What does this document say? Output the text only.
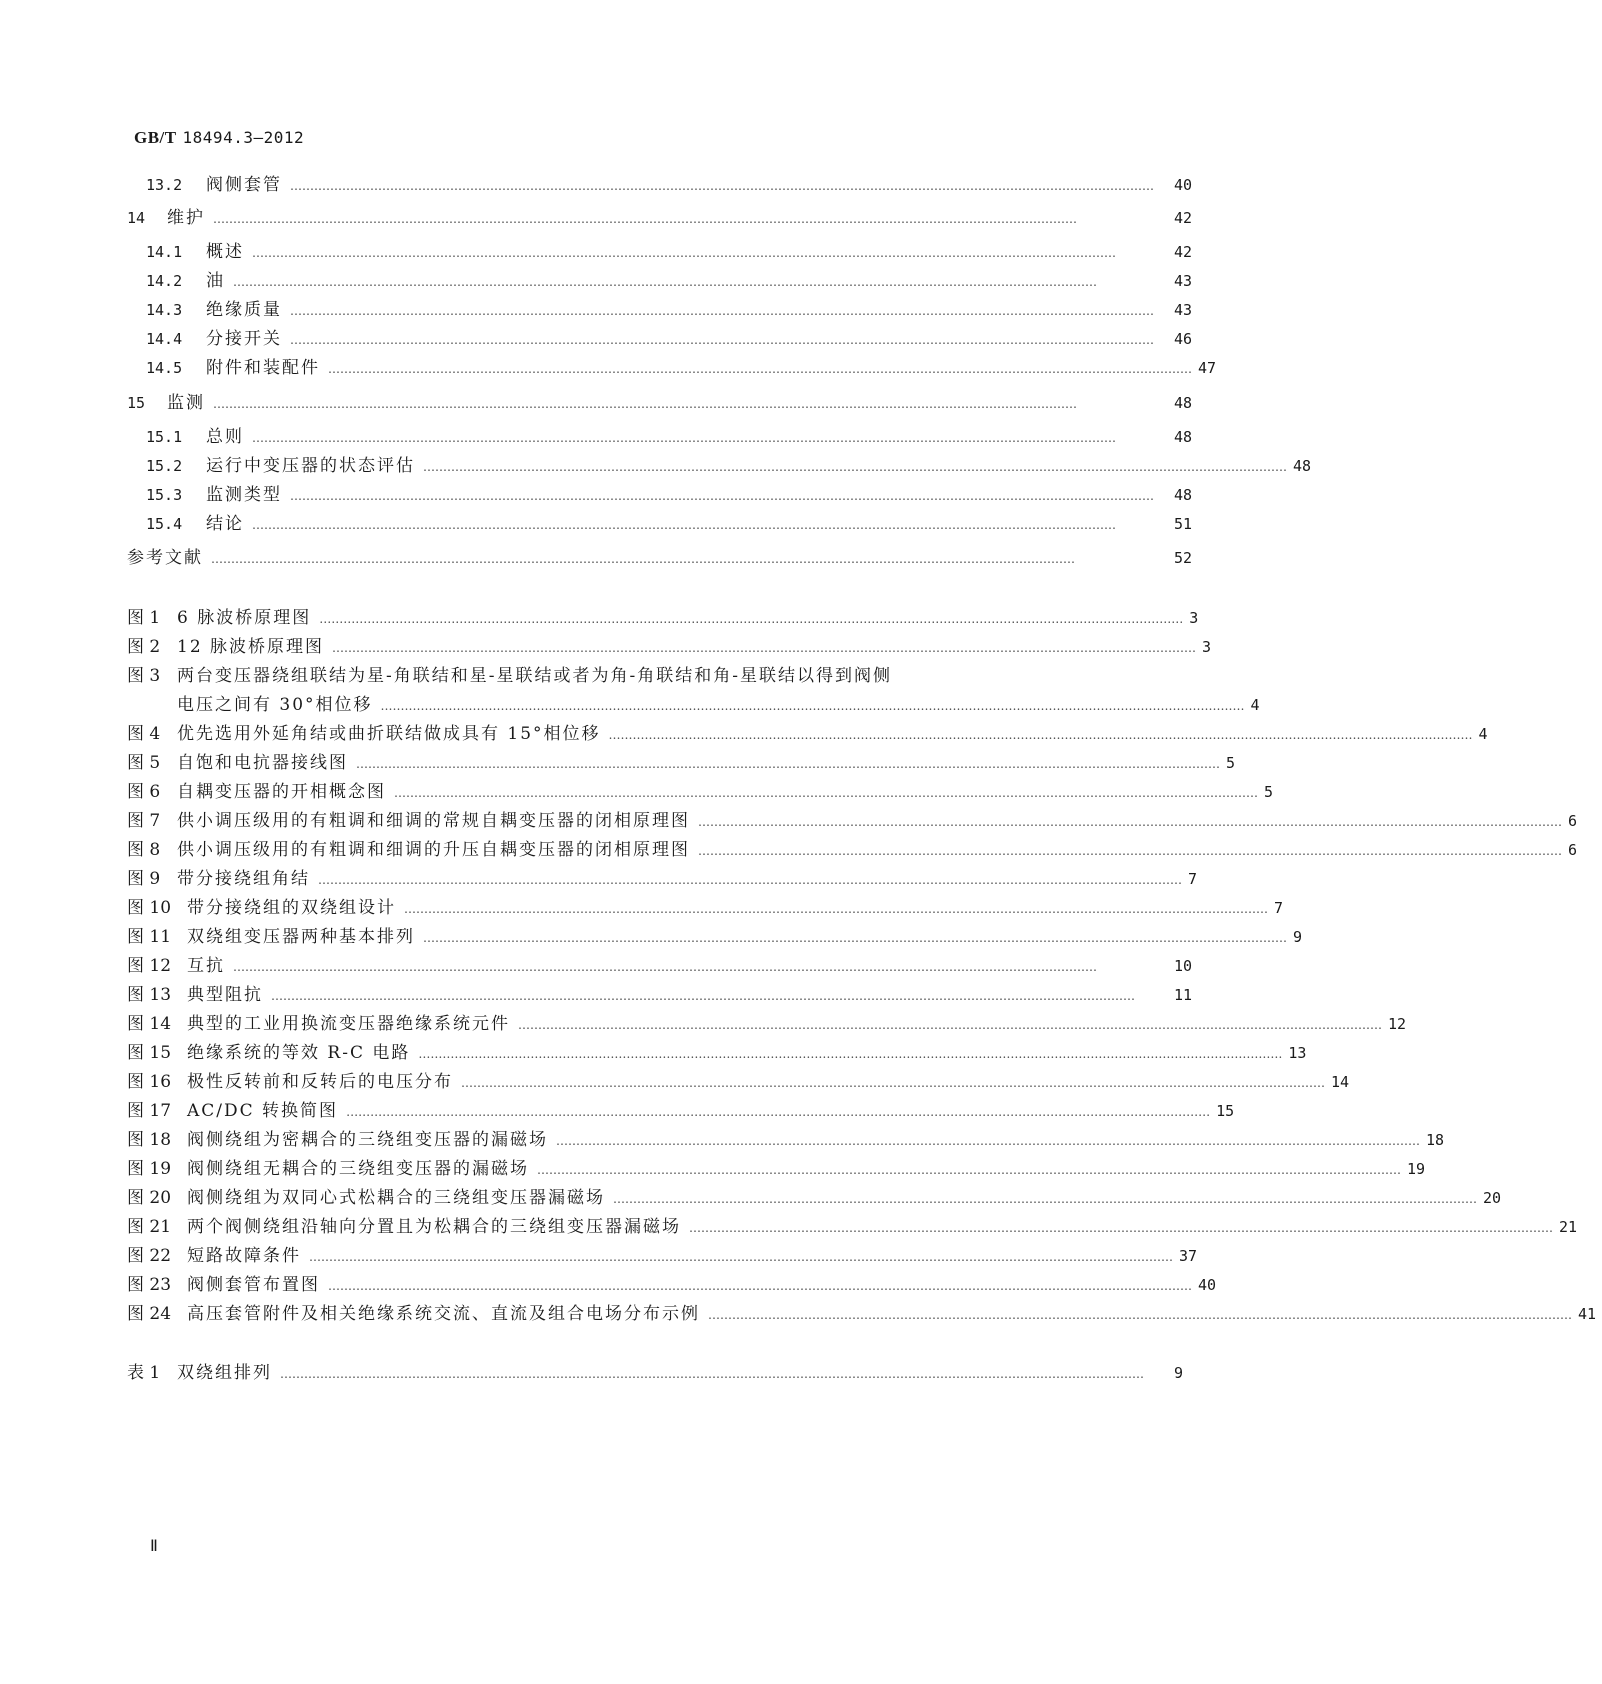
GB/T 18494.3—2012
13.2	阀侧套管 ………………………………………………………………………………………………………………………………………………………………………………………………	40
14	维护 ………………………………………………………………………………………………………………………………………………………………………………………………	42
14.1	概述 ………………………………………………………………………………………………………………………………………………………………………………………………	42
14.2	油 ………………………………………………………………………………………………………………………………………………………………………………………………	43
14.3	绝缘质量 ………………………………………………………………………………………………………………………………………………………………………………………………	43
14.4	分接开关 ………………………………………………………………………………………………………………………………………………………………………………………………	46
14.5	附件和装配件 ……………………………………………………………………………………………………………………………………………………………………………………………… 47
15	监测 ………………………………………………………………………………………………………………………………………………………………………………………………	48
15.1	总则 ………………………………………………………………………………………………………………………………………………………………………………………………	48
15.2	运行中变压器的状态评估 ……………………………………………………………………………………………………………………………………………………………………………………………… 48
15.3	监测类型 ………………………………………………………………………………………………………………………………………………………………………………………………	48
15.4	结论 ………………………………………………………………………………………………………………………………………………………………………………………………	51
参考文献 ………………………………………………………………………………………………………………………………………………………………………………………………	52
图 1 6 脉波桥原理图 ……………………………………………………………………………………………………………………………………………………………………………………………… 3
图 2 12 脉波桥原理图 ……………………………………………………………………………………………………………………………………………………………………………………………… 3
图 3 两台变压器绕组联结为星-角联结和星-星联结或者为角-角联结和角-星联结以得到阀侧
电压之间有 30°相位移 ……………………………………………………………………………………………………………………………………………………………………………………………… 4
图 4 优先选用外延角结或曲折联结做成具有 15°相位移 ……………………………………………………………………………………………………………………………………………………………………………………………… 4
图 5 自饱和电抗器接线图 ……………………………………………………………………………………………………………………………………………………………………………………………… 5
图 6 自耦变压器的开相概念图 ……………………………………………………………………………………………………………………………………………………………………………………………… 5
图 7 供小调压级用的有粗调和细调的常规自耦变压器的闭相原理图 ……………………………………………………………………………………………………………………………………………………………………………………………… 6
图 8 供小调压级用的有粗调和细调的升压自耦变压器的闭相原理图 ……………………………………………………………………………………………………………………………………………………………………………………………… 6
图 9 带分接绕组角结 ……………………………………………………………………………………………………………………………………………………………………………………………… 7
图 10 带分接绕组的双绕组设计 ……………………………………………………………………………………………………………………………………………………………………………………………… 7
图 11 双绕组变压器两种基本排列 ……………………………………………………………………………………………………………………………………………………………………………………………… 9
图 12 互抗 ………………………………………………………………………………………………………………………………………………………………………………………………	10
图 13 典型阻抗 ………………………………………………………………………………………………………………………………………………………………………………………………	11
图 14 典型的工业用换流变压器绝缘系统元件 ……………………………………………………………………………………………………………………………………………………………………………………………… 12
图 15 绝缘系统的等效 R-C 电路 ……………………………………………………………………………………………………………………………………………………………………………………………… 13
图 16 极性反转前和反转后的电压分布 ……………………………………………………………………………………………………………………………………………………………………………………………… 14
图 17 AC/DC 转换简图 ……………………………………………………………………………………………………………………………………………………………………………………………… 15
图 18 阀侧绕组为密耦合的三绕组变压器的漏磁场 ……………………………………………………………………………………………………………………………………………………………………………………………… 18
图 19 阀侧绕组无耦合的三绕组变压器的漏磁场 ……………………………………………………………………………………………………………………………………………………………………………………………… 19
图 20 阀侧绕组为双同心式松耦合的三绕组变压器漏磁场 ……………………………………………………………………………………………………………………………………………………………………………………………… 20
图 21 两个阀侧绕组沿轴向分置且为松耦合的三绕组变压器漏磁场 ……………………………………………………………………………………………………………………………………………………………………………………………… 21
图 22 短路故障条件 ……………………………………………………………………………………………………………………………………………………………………………………………… 37
图 23 阀侧套管布置图 ……………………………………………………………………………………………………………………………………………………………………………………………… 40
图 24 高压套管附件及相关绝缘系统交流、直流及组合电场分布示例 ……………………………………………………………………………………………………………………………………………………………………………………………… 41
表 1 双绕组排列 ………………………………………………………………………………………………………………………………………………………………………………………………	9
Ⅱ
